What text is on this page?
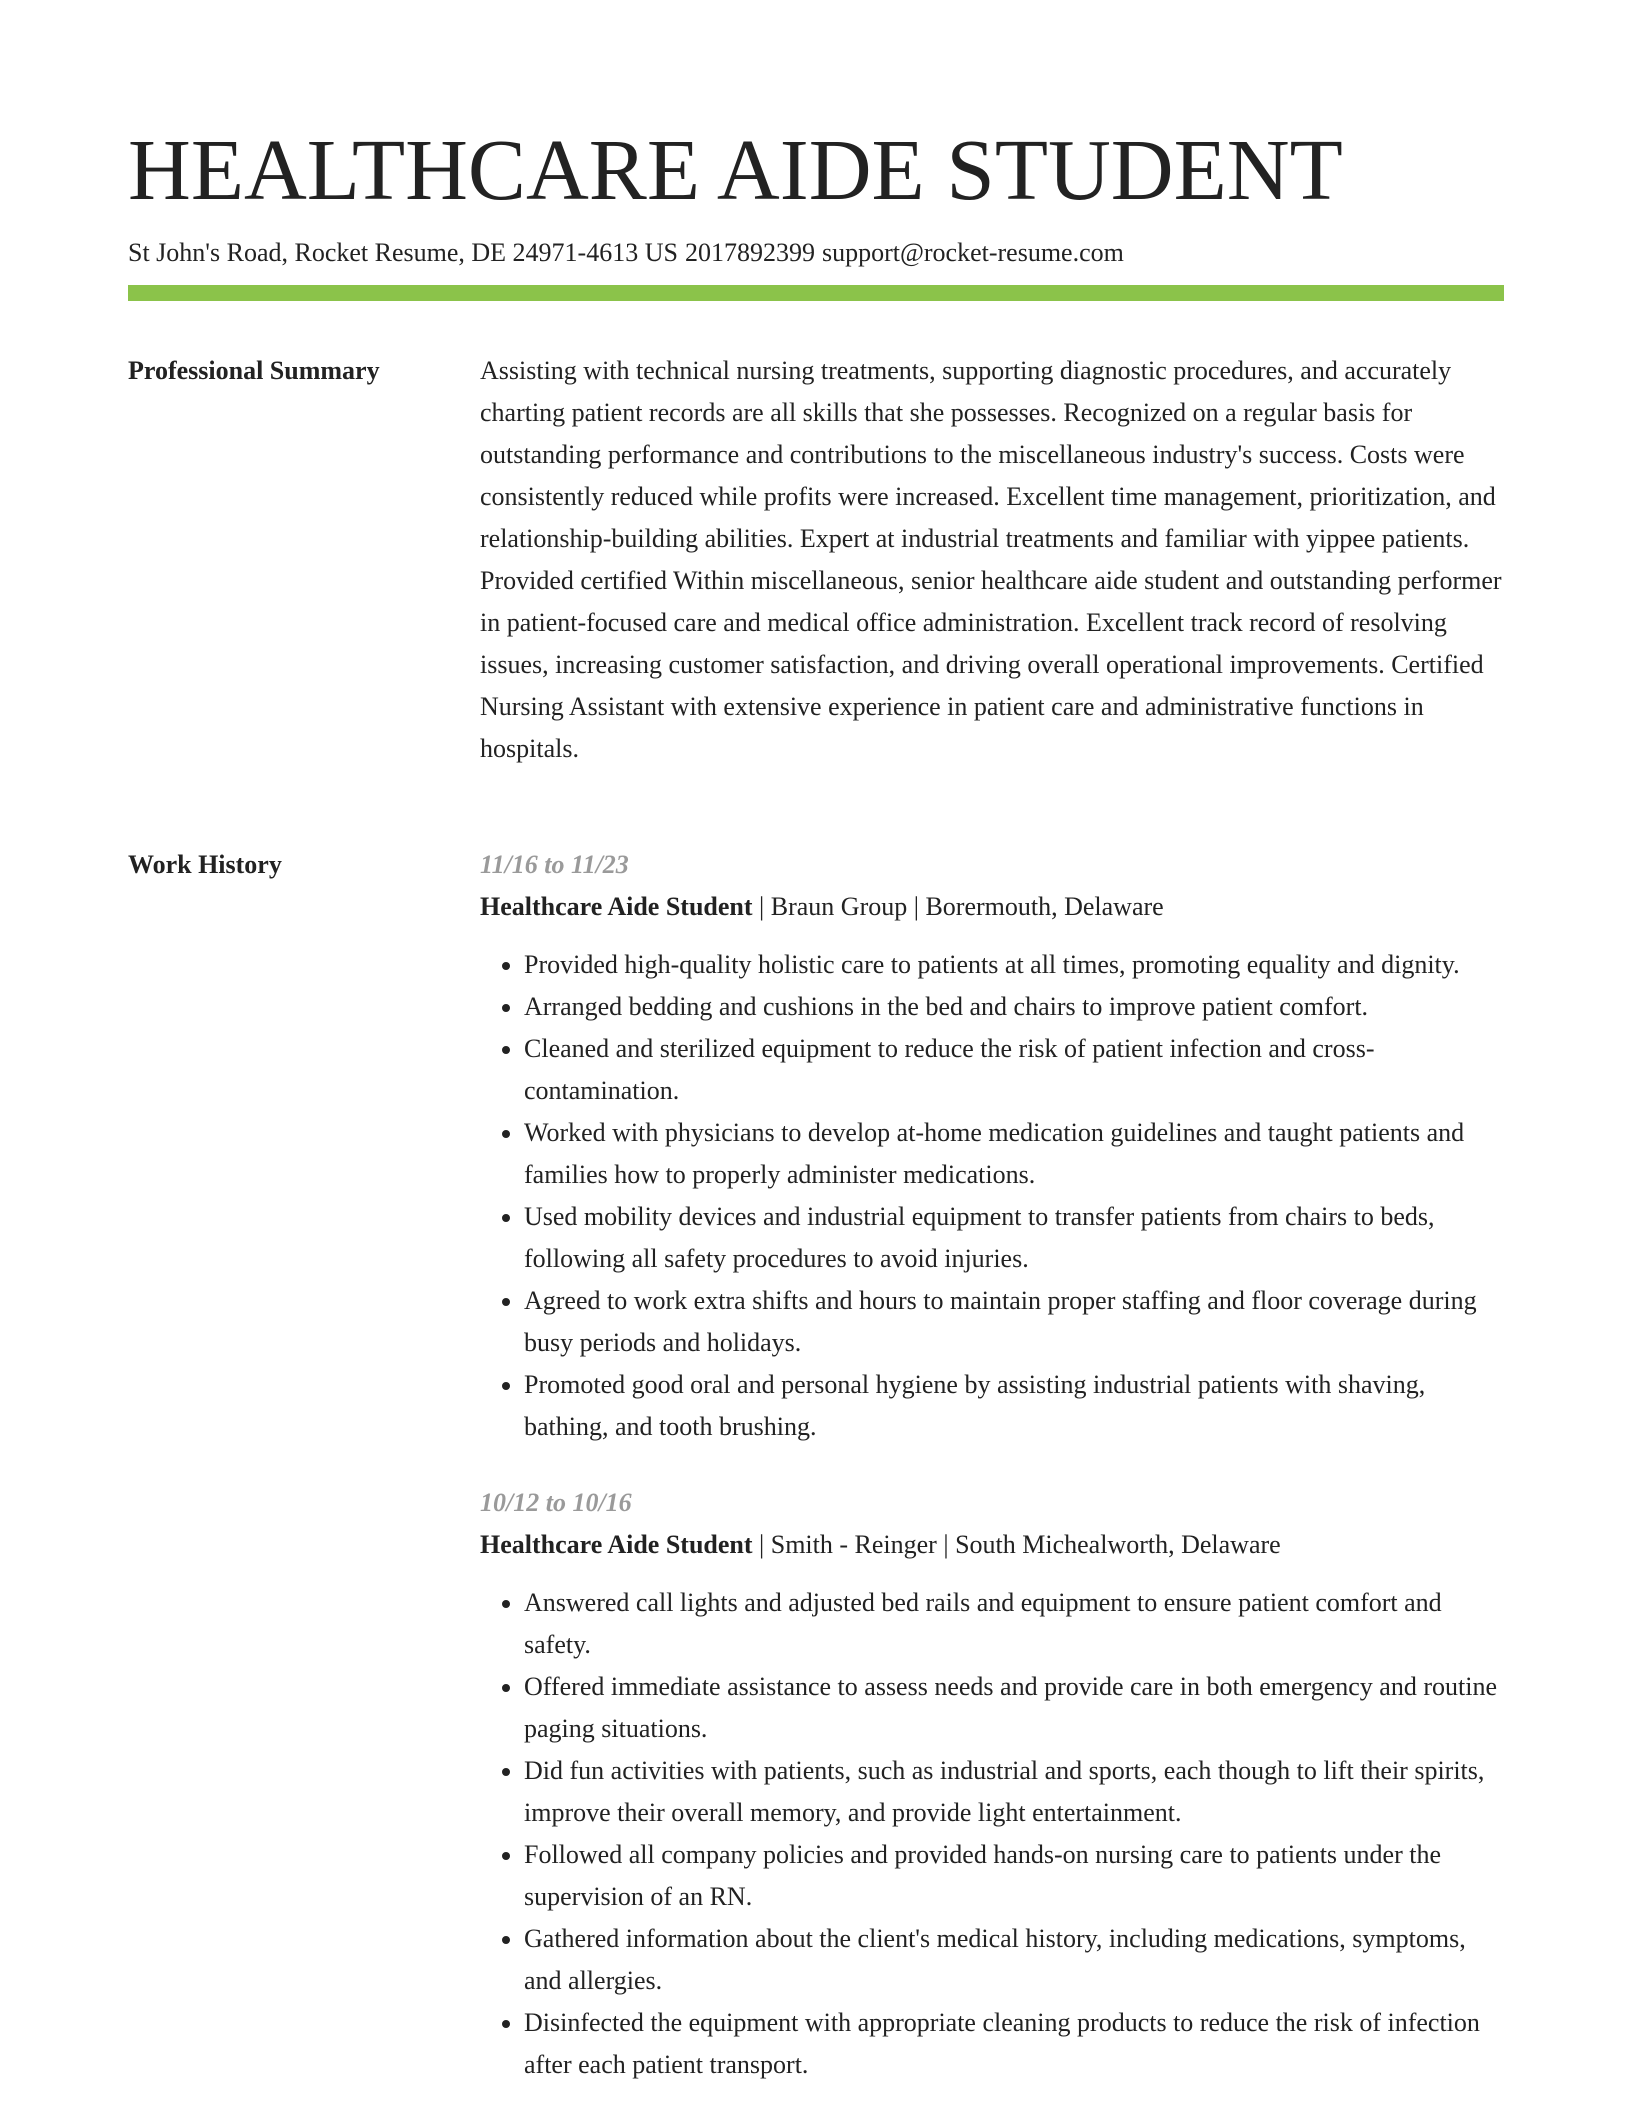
HEALTHCARE AIDE STUDENT
St John's Road, Rocket Resume, DE 24971-4613 US 2017892399 support@rocket-resume.com
Professional Summary	Assisting with technical nursing treatments, supporting diagnostic procedures, and accurately charting patient records are all skills that she possesses. Recognized on a regular basis for outstanding performance and contributions to the miscellaneous industry's success. Costs were consistently reduced while profits were increased. Excellent time management, prioritization, and relationship-building abilities. Expert at industrial treatments and familiar with yippee patients. Provided certified Within miscellaneous, senior healthcare aide student and outstanding performer in patient-focused care and medical office administration. Excellent track record of resolving issues, increasing customer satisfaction, and driving overall operational improvements. Certified Nursing Assistant with extensive experience in patient care and administrative functions in hospitals.

Work History	11/16 to 11/23
Healthcare Aide Student | Braun Group | Borermouth, Delaware
• Provided high-quality holistic care to patients at all times, promoting equality and dignity.
• Arranged bedding and cushions in the bed and chairs to improve patient comfort.
• Cleaned and sterilized equipment to reduce the risk of patient infection and cross-contamination.
• Worked with physicians to develop at-home medication guidelines and taught patients and families how to properly administer medications.
• Used mobility devices and industrial equipment to transfer patients from chairs to beds, following all safety procedures to avoid injuries.
• Agreed to work extra shifts and hours to maintain proper staffing and floor coverage during busy periods and holidays.
• Promoted good oral and personal hygiene by assisting industrial patients with shaving, bathing, and tooth brushing.
10/12 to 10/16
Healthcare Aide Student | Smith - Reinger | South Michealworth, Delaware
• Answered call lights and adjusted bed rails and equipment to ensure patient comfort and safety.
• Offered immediate assistance to assess needs and provide care in both emergency and routine paging situations.
• Did fun activities with patients, such as industrial and sports, each though to lift their spirits, improve their overall memory, and provide light entertainment.
• Followed all company policies and provided hands-on nursing care to patients under the supervision of an RN.
• Gathered information about the client's medical history, including medications, symptoms, and allergies.
• Disinfected the equipment with appropriate cleaning products to reduce the risk of infection after each patient transport.
